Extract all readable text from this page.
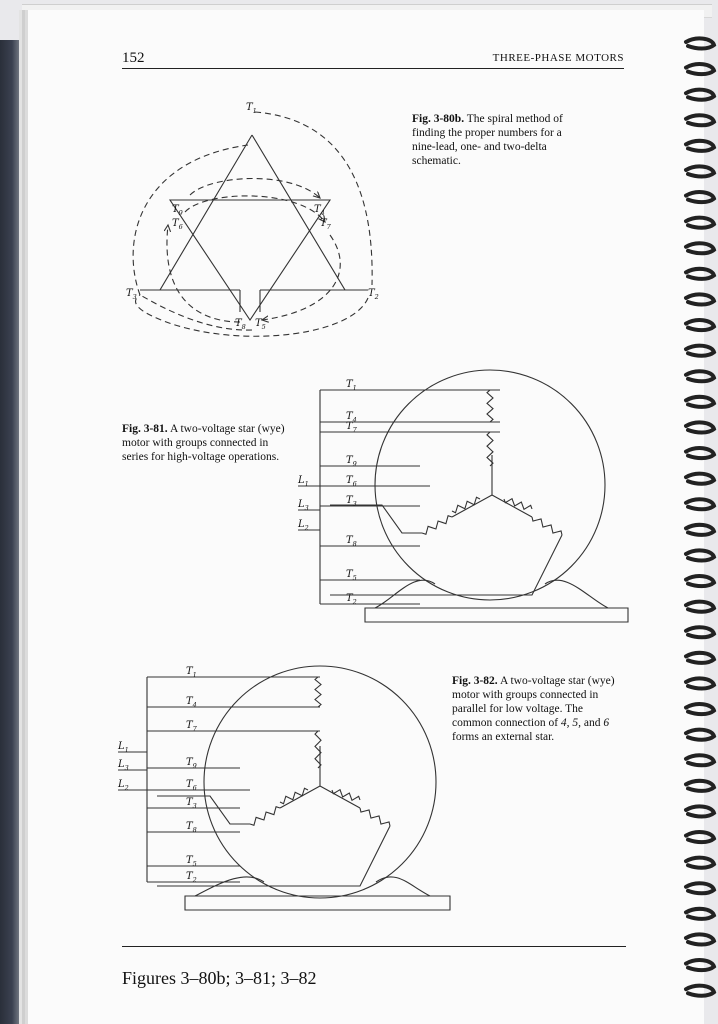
152	THREE-PHASE MOTORS
Fig. 3-80b. The spiral method of finding the proper numbers for a nine-lead, one- and two-delta schematic.
Fig. 3-81. A two-voltage star (wye) motor with groups connected in series for high-voltage operations.
Fig. 3-82. A two-voltage star (wye) motor with groups connected in parallel for low voltage. The common connection of 4, 5, and 6 forms an external star.
$T_1$
$T_2$
$T_3$
$T_4$
$T_5$
$T_6$	$T_7$
$T_8$
$T_9$
$T_1$
$T_4$
$T_7$
$T_9$
$T_6$
$T_3$
$T_8$
$T_5$
$T_2$
$L_1$
$L_3$
$L_2$
$T_1$
$T_4$
$T_7$
$T_9$
$T_6$
$T_3$
$T_8$
$T_5$
$T_2$
$L_1$
$L_3$
$L_2$
Figures 3–80b; 3–81; 3–82
